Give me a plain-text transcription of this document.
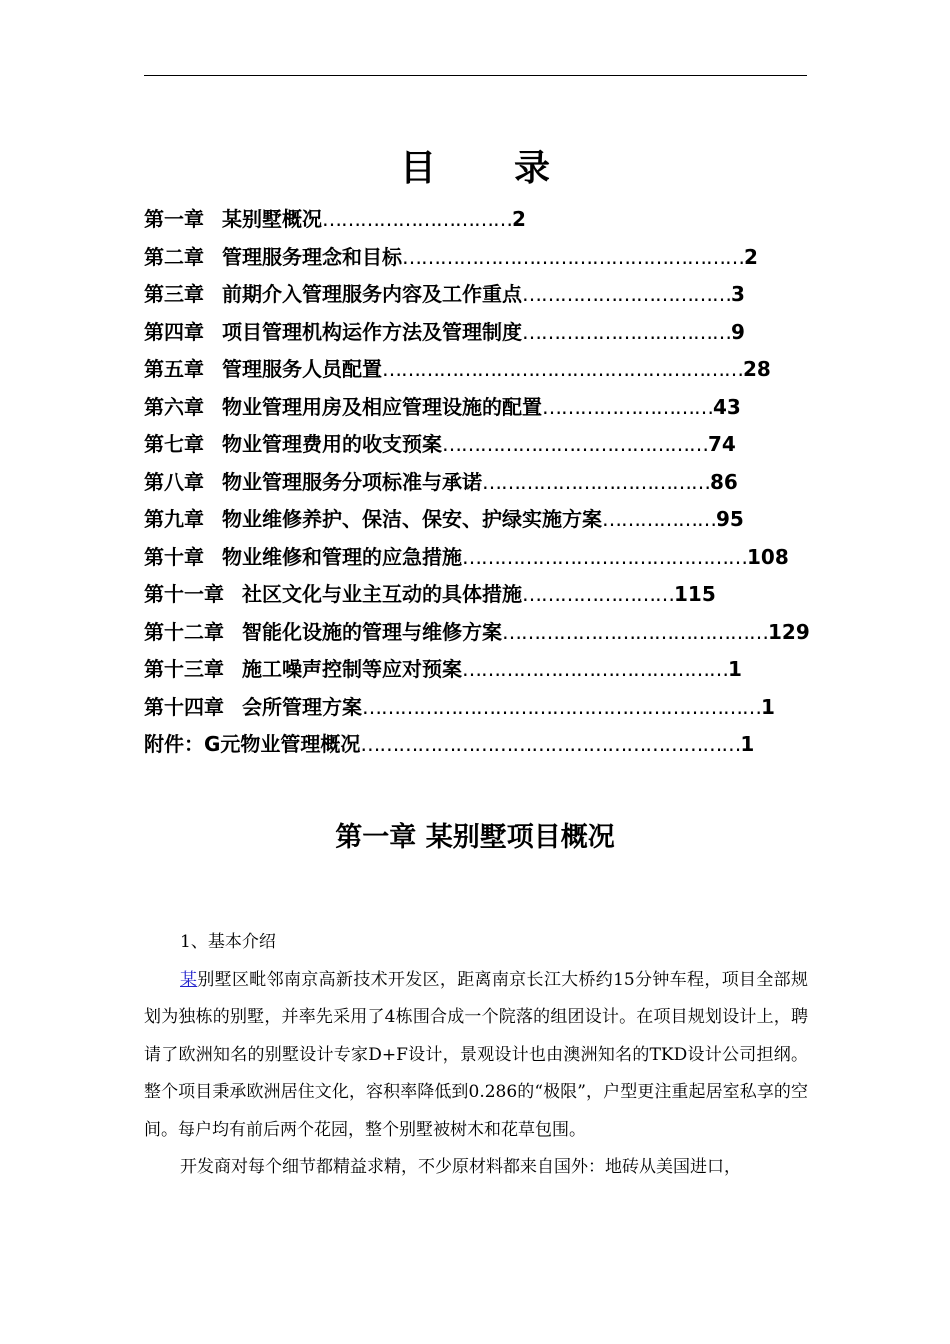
目 录
第一章 某别墅概况…………………………2
第二章 管理服务理念和目标………………………………………………2
第三章 前期介入管理服务内容及工作重点……………………………3
第四章 项目管理机构运作方法及管理制度……………………………9
第五章 管理服务人员配置…………………………………………………28
第六章 物业管理用房及相应管理设施的配置………………………43
第七章 物业管理费用的收支预案……………………………………74
第八章 物业管理服务分项标准与承诺………………………………86
第九章 物业维修养护、保洁、保安、护绿实施方案………………95
第十章 物业维修和管理的应急措施………………………………………108
第十一章 社区文化与业主互动的具体措施……………………115
第十二章 智能化设施的管理与维修方案……………………………………129
第十三章 施工噪声控制等应对预案……………………………………1
第十四章 会所管理方案………………………………………………………1
附件：G元物业管理概况……………………………………………………1
第一章 某别墅项目概况

1、基本介绍

某别墅区毗邻南京高新技术开发区，距离南京长江大桥约15分钟车程，项目全部规划为独栋的别墅，并率先采用了4栋围合成一个院落的组团设计。在项目规划设计上，聘请了欧洲知名的别墅设计专家D+F设计，景观设计也由澳洲知名的TKD设计公司担纲。整个项目秉承欧洲居住文化，容积率降低到0.286的“极限”，户型更注重起居室私享的空间。每户均有前后两个花园，整个别墅被树木和花草包围。

开发商对每个细节都精益求精，不少原材料都来自国外：地砖从美国进口，
